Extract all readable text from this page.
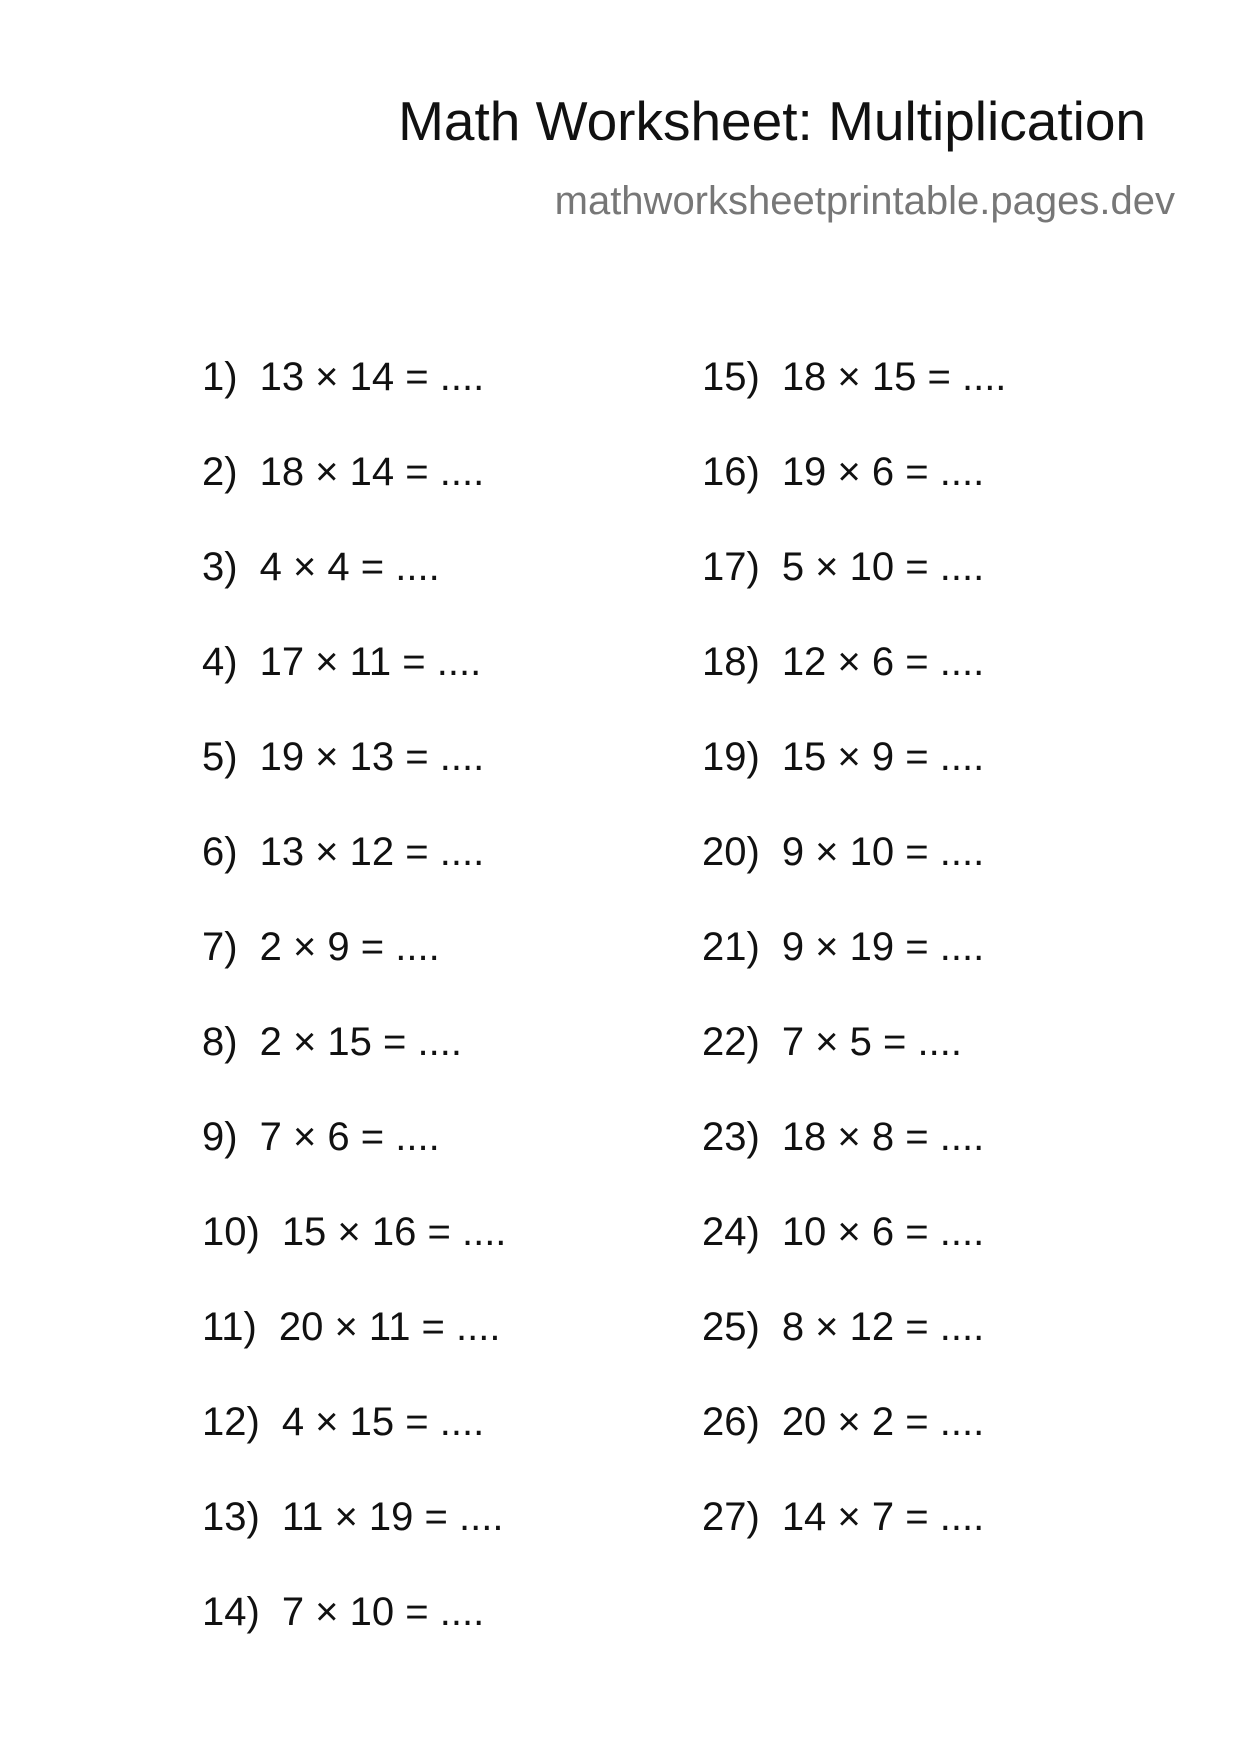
Math Worksheet: Multiplication
mathworksheetprintable.pages.dev
1) 13 × 14 = ....
2) 18 × 14 = ....
3) 4 × 4 = ....
4) 17 × 11 = ....
5) 19 × 13 = ....
6) 13 × 12 = ....
7) 2 × 9 = ....
8) 2 × 15 = ....
9) 7 × 6 = ....
10) 15 × 16 = ....
11) 20 × 11 = ....
12) 4 × 15 = ....
13) 11 × 19 = ....
14) 7 × 10 = ....
15) 18 × 15 = ....
16) 19 × 6 = ....
17) 5 × 10 = ....
18) 12 × 6 = ....
19) 15 × 9 = ....
20) 9 × 10 = ....
21) 9 × 19 = ....
22) 7 × 5 = ....
23) 18 × 8 = ....
24) 10 × 6 = ....
25) 8 × 12 = ....
26) 20 × 2 = ....
27) 14 × 7 = ....
